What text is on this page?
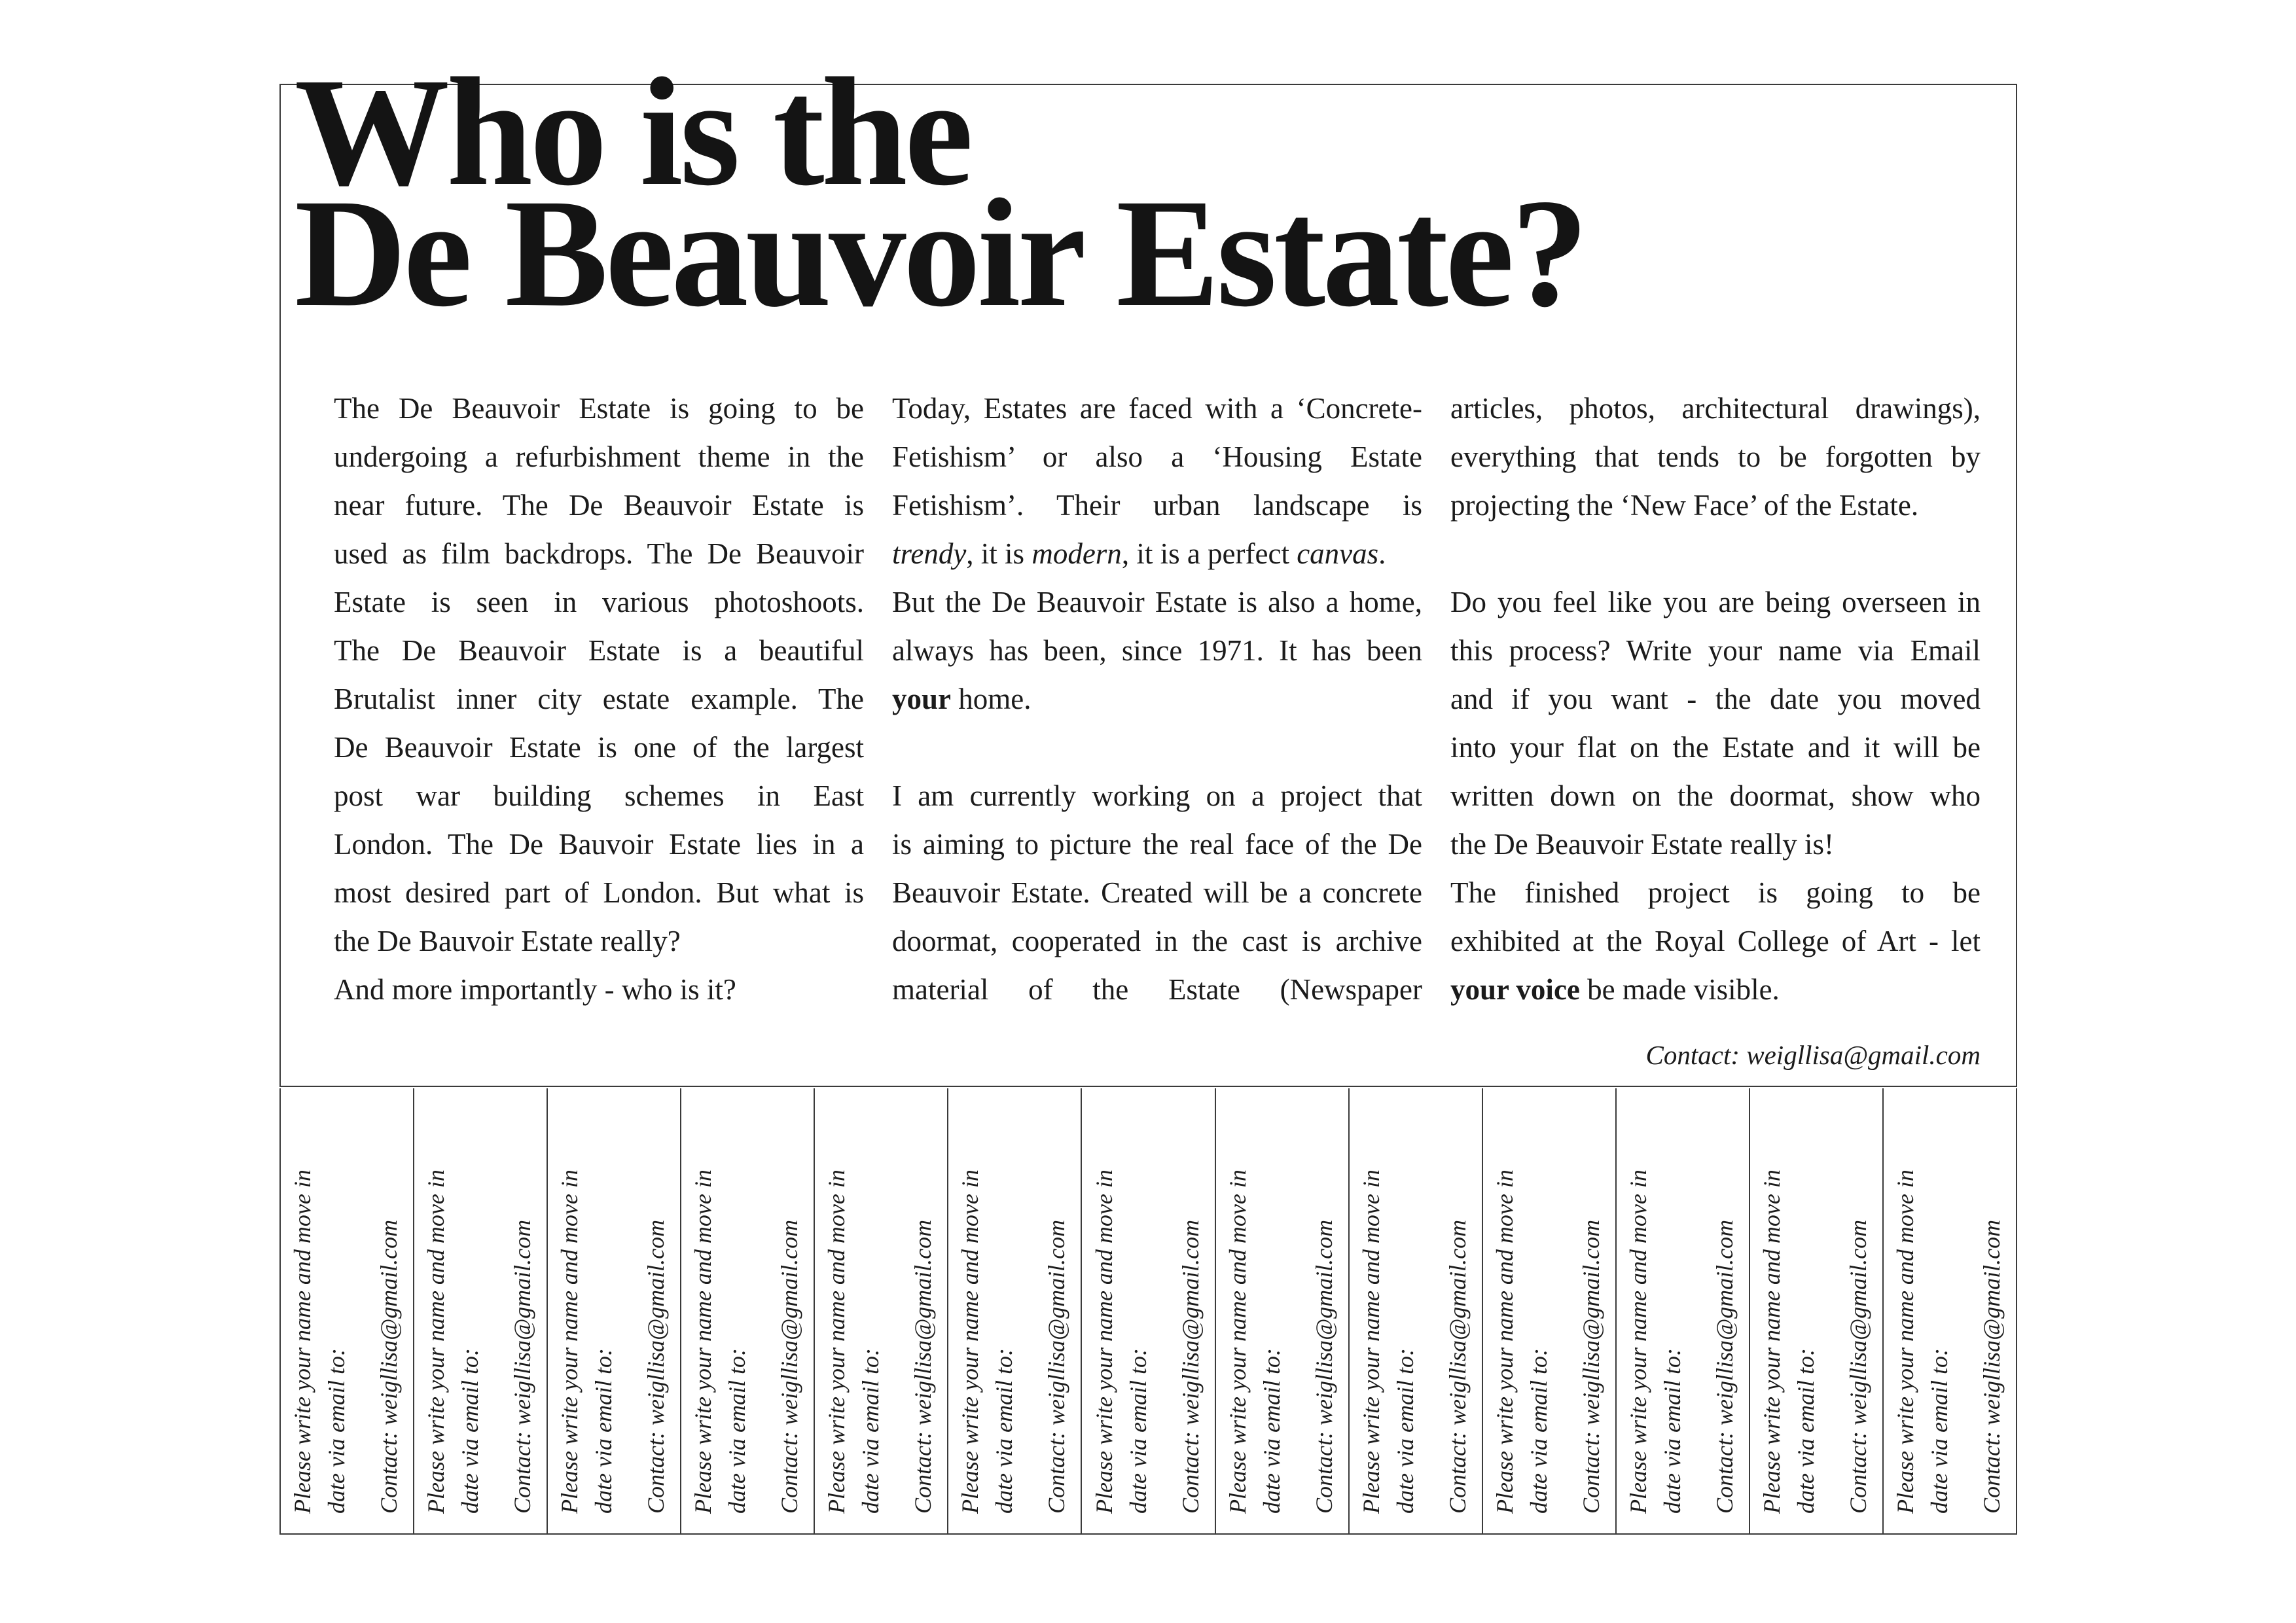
Who is the
De Beauvoir Estate?
The De Beauvoir Estate is going to be
undergoing a refurbishment theme in the
near future. The De Beauvoir Estate is
used as film backdrops. The De Beauvoir
Estate is seen in various photoshoots.
The De Beauvoir Estate is a beautiful
Brutalist inner city estate example. The
De Beauvoir Estate is one of the largest
post war building schemes in East
London. The De Bauvoir Estate lies in a
most desired part of London. But what is
the De Bauvoir Estate really?
And more importantly - who is it?
Today, Estates are faced with a ‘Concrete-
Fetishism’ or also a ‘Housing Estate
Fetishism’. Their urban landscape is
trendy, it is modern, it is a perfect canvas.
But the De Beauvoir Estate is also a home,
always has been, since 1971. It has been
your home.
I am currently working on a project that
is aiming to picture the real face of the De
Beauvoir Estate. Created will be a concrete
doormat, cooperated in the cast is archive
material of the Estate (Newspaper
articles, photos, architectural drawings),
everything that tends to be forgotten by
projecting the ‘New Face’ of the Estate.
Do you feel like you are being overseen in
this process? Write your name via Email
and if you want - the date you moved
into your flat on the Estate and it will be
written down on the doormat, show who
the De Beauvoir Estate really is!
The finished project is going to be
exhibited at the Royal College of Art - let
your voice be made visible.
Contact: weigllisa@gmail.com
Please write your name and move in date via email to: Contact: weigllisa@gmail.com Please write your name and move in date via email to: Contact: weigllisa@gmail.com Please write your name and move in date via email to: Contact: weigllisa@gmail.com Please write your name and move in date via email to: Contact: weigllisa@gmail.com Please write your name and move in date via email to: Contact: weigllisa@gmail.com Please write your name and move in date via email to: Contact: weigllisa@gmail.com Please write your name and move in date via email to: Contact: weigllisa@gmail.com Please write your name and move in date via email to: Contact: weigllisa@gmail.com Please write your name and move in date via email to: Contact: weigllisa@gmail.com Please write your name and move in date via email to: Contact: weigllisa@gmail.com Please write your name and move in date via email to: Contact: weigllisa@gmail.com Please write your name and move in date via email to: Contact: weigllisa@gmail.com Please write your name and move in date via email to: Contact: weigllisa@gmail.com
